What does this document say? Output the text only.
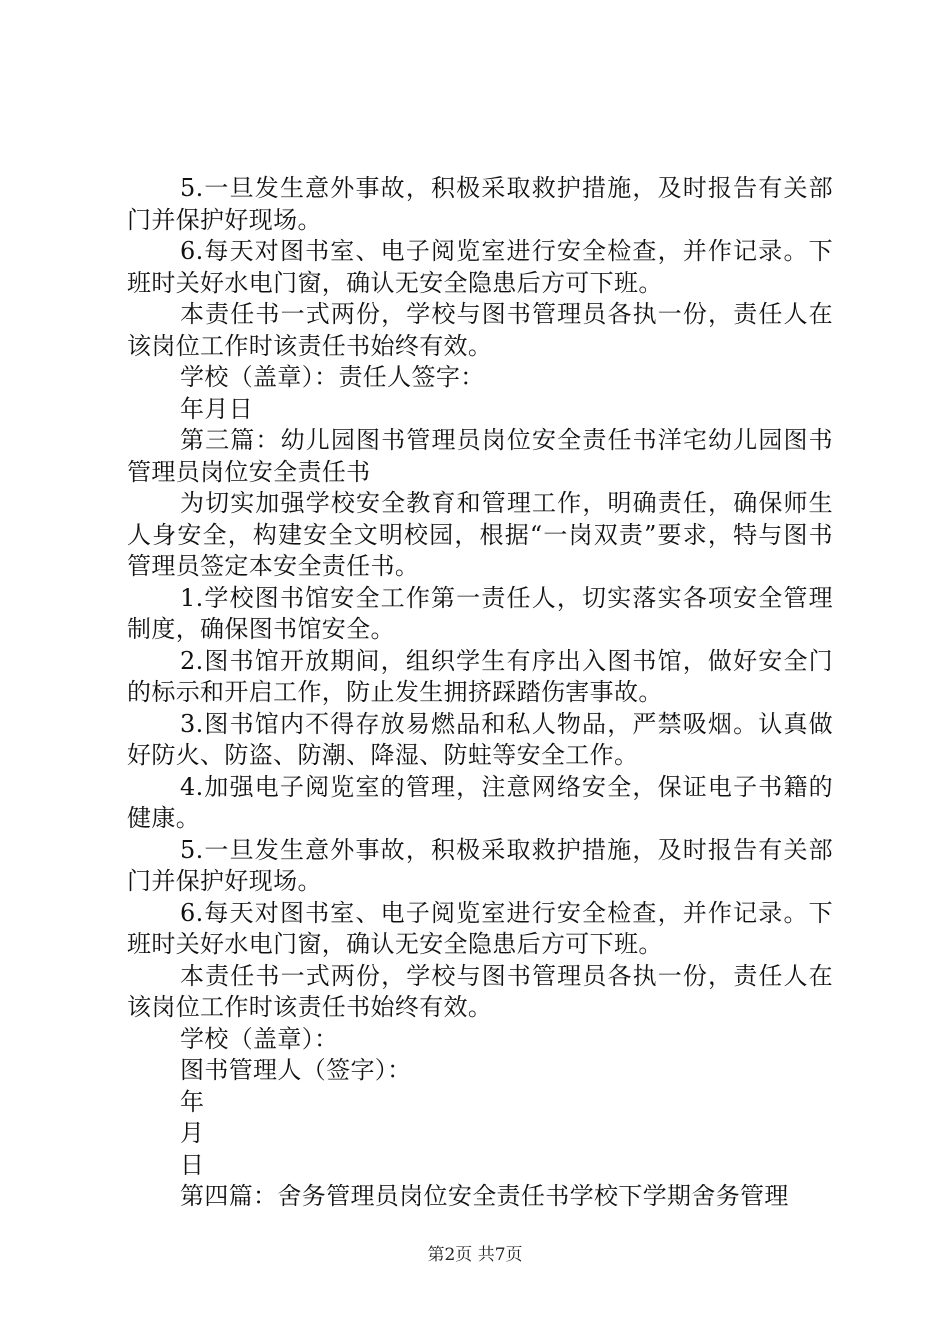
5.一旦发生意外事故，积极采取救护措施，及时报告有关部门并保护好现场。

6.每天对图书室、电子阅览室进行安全检查，并作记录。下班时关好水电门窗，确认无安全隐患后方可下班。

本责任书一式两份，学校与图书管理员各执一份，责任人在该岗位工作时该责任书始终有效。

学校（盖章）：责任人签字：

年月日

第三篇：幼儿园图书管理员岗位安全责任书洋宅幼儿园图书管理员岗位安全责任书

为切实加强学校安全教育和管理工作，明确责任，确保师生人身安全，构建安全文明校园，根据“一岗双责”要求，特与图书管理员签定本安全责任书。

1.学校图书馆安全工作第一责任人，切实落实各项安全管理制度，确保图书馆安全。

2.图书馆开放期间，组织学生有序出入图书馆，做好安全门的标示和开启工作，防止发生拥挤踩踏伤害事故。

3.图书馆内不得存放易燃品和私人物品，严禁吸烟。认真做好防火、防盗、防潮、降湿、防蛀等安全工作。

4.加强电子阅览室的管理，注意网络安全，保证电子书籍的健康。

5.一旦发生意外事故，积极采取救护措施，及时报告有关部门并保护好现场。

6.每天对图书室、电子阅览室进行安全检查，并作记录。下班时关好水电门窗，确认无安全隐患后方可下班。

本责任书一式两份，学校与图书管理员各执一份，责任人在该岗位工作时该责任书始终有效。

学校（盖章）：

图书管理人（签字）：

年

月

日

第四篇：舍务管理员岗位安全责任书学校下学期舍务管理

第2页 共7页
